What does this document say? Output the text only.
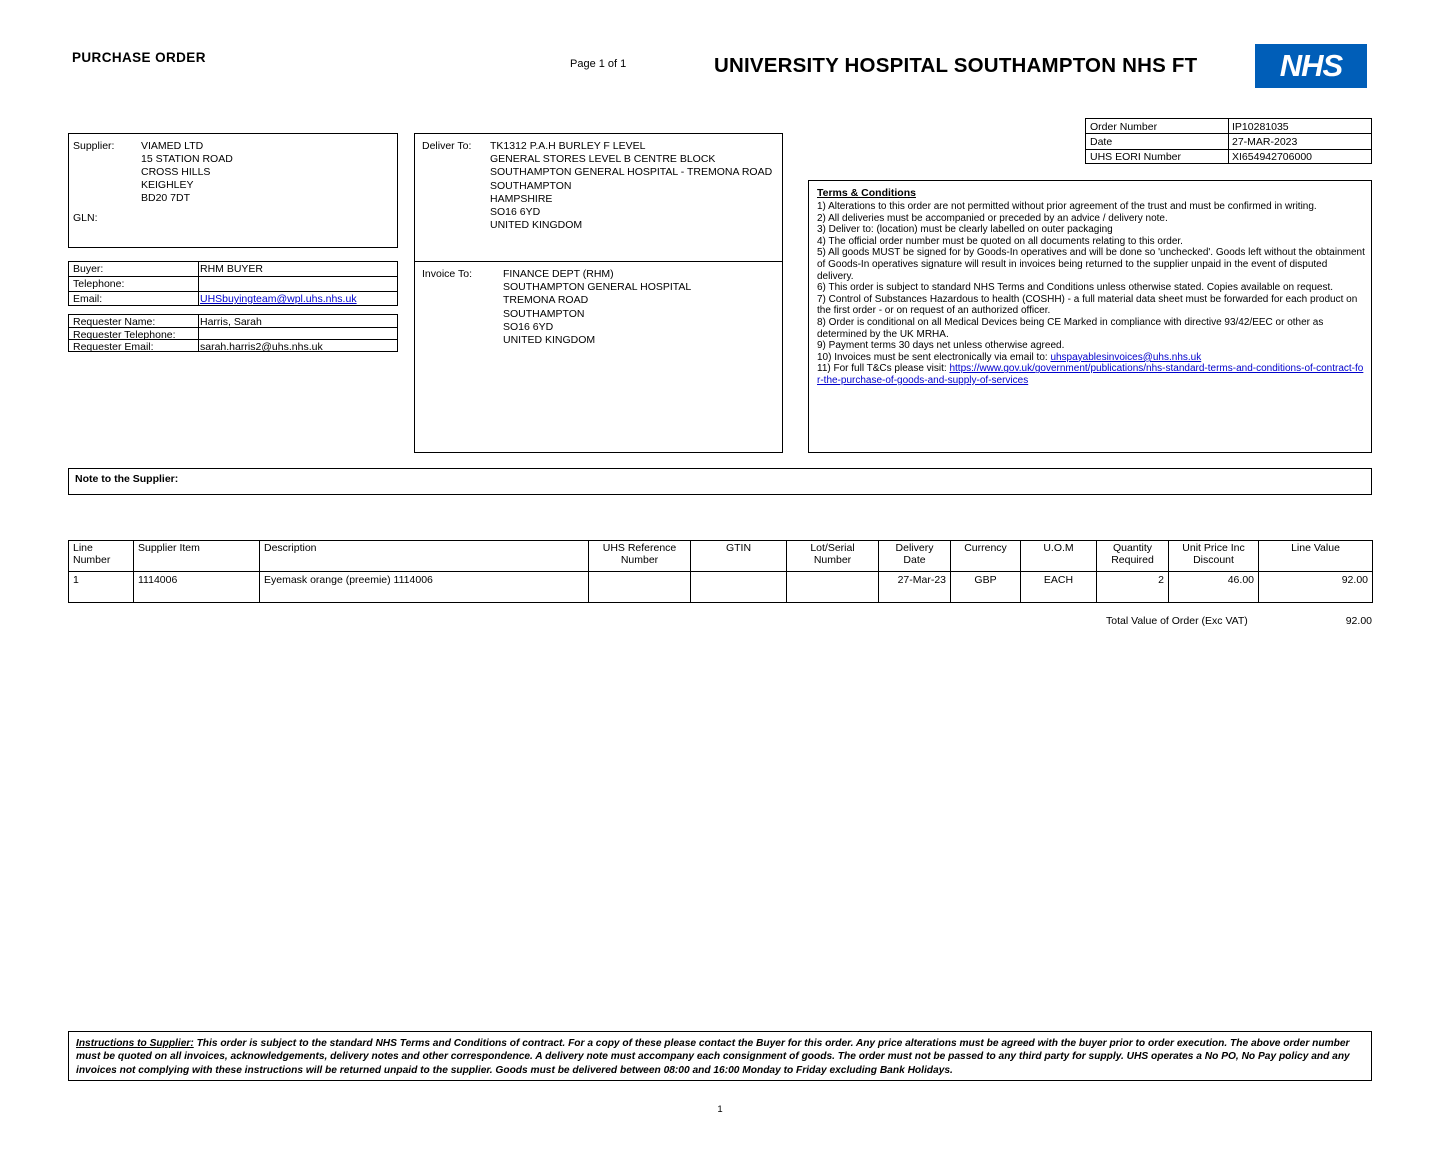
PURCHASE ORDER	Page 1 of 1	UNIVERSITY HOSPITAL SOUTHAMPTON NHS FT	NHS
Supplier:	VIAMED LTD
15 STATION ROAD
CROSS HILLS
KEIGHLEY
BD20 7DT
GLN:
Deliver To: TK1312 P.A.H BURLEY F LEVEL
GENERAL STORES LEVEL B CENTRE BLOCK
SOUTHAMPTON GENERAL HOSPITAL - TREMONA ROAD
SOUTHAMPTON
HAMPSHIRE
SO16 6YD
UNITED KINGDOM
Buyer:	RHM BUYER
Telephone:
Email:	UHSbuyingteam@wpl.uhs.nhs.uk
Requester Name:	Harris, Sarah
Requester Telephone:
Requester Email:	sarah.harris2@uhs.nhs.uk
Invoice To:	FINANCE DEPT (RHM)
SOUTHAMPTON GENERAL HOSPITAL
TREMONA ROAD
SOUTHAMPTON
SO16 6YD
UNITED KINGDOM
Order Number	IP10281035
Date	27-MAR-2023
UHS EORI Number	XI654942706000
Terms & Conditions
1) Alterations to this order are not permitted without prior agreement of the trust and must be confirmed in writing.
2) All deliveries must be accompanied or preceded by an advice / delivery note.
3) Deliver to: (location) must be clearly labelled on outer packaging
4) The official order number must be quoted on all documents relating to this order.
5) All goods MUST be signed for by Goods-In operatives and will be done so 'unchecked'. Goods left without the obtainment of Goods-In operatives signature will result in invoices being returned to the supplier unpaid in the event of disputed delivery.
6) This order is subject to standard NHS Terms and Conditions unless otherwise stated. Copies available on request.
7) Control of Substances Hazardous to health (COSHH) - a full material data sheet must be forwarded for each product on the first order - or on request of an authorized officer.
8) Order is conditional on all Medical Devices being CE Marked in compliance with directive 93/42/EEC or other as determined by the UK MRHA.
9) Payment terms 30 days net unless otherwise agreed.
10) Invoices must be sent electronically via email to: uhspayablesinvoices@uhs.nhs.uk
11) For full T&Cs please visit: https://www.gov.uk/government/publications/nhs-standard-terms-and-conditions-of-contract-for-the-purchase-of-goods-and-supply-of-services
Note to the Supplier:
Line Number	Supplier Item	Description	UHS Reference Number	GTIN	Lot/Serial Number	Delivery Date	Currency	U.O.M	Quantity Required	Unit Price Inc Discount	Line Value
1	1114006	Eyemask orange (preemie) 1114006				27-Mar-23	GBP	EACH	2	46.00	92.00
Total Value of Order (Exc VAT)	92.00
Instructions to Supplier: This order is subject to the standard NHS Terms and Conditions of contract. For a copy of these please contact the Buyer for this order. Any price alterations must be agreed with the buyer prior to order execution. The above order number must be quoted on all invoices, acknowledgements, delivery notes and other correspondence. A delivery note must accompany each consignment of goods. The order must not be passed to any third party for supply. UHS operates a No PO, No Pay policy and any invoices not complying with these instructions will be returned unpaid to the supplier. Goods must be delivered between 08:00 and 16:00 Monday to Friday excluding Bank Holidays.
1
